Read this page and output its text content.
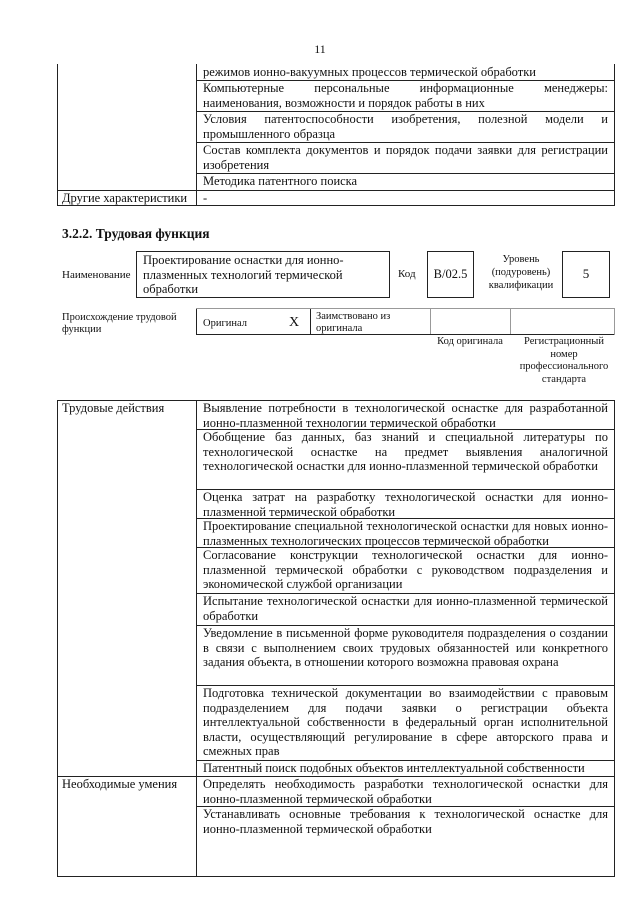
11
режимов ионно-вакуумных процессов термической обработки
Компьютерные персональные информационные менеджеры: наименования, возможности и порядок работы в них
Условия патентоспособности изобретения, полезной модели и промышленного образца
Состав комплекта документов и порядок подачи заявки для регистрации изобретения
Методика патентного поиска
Другие характеристики	-
3.2.2. Трудовая функция
Наименование
Проектирование оснастки для ионно-плазменных технологий термической обработки
Код	В/02.5
Уровень (подуровень) квалификации
5
Происхождение трудовой функции
Оригинал	X Заимствовано из оригинала
Код оригинала	Регистрационный номер профессионального стандарта
Трудовые действия	Выявление потребности в технологической оснастке для разработанной ионно-плазменной технологии термической обработки
Обобщение баз данных, баз знаний и специальной литературы по технологической оснастке на предмет выявления аналогичной технологической оснастки для ионно-плазменной термической обработки
Оценка затрат на разработку технологической оснастки для ионно-плазменной термической обработки
Проектирование специальной технологической оснастки для новых ионно-плазменных технологических процессов термической обработки
Согласование конструкции технологической оснастки для ионно-плазменной термической обработки с руководством подразделения и экономической службой организации
Испытание технологической оснастки для ионно-плазменной термической обработки
Уведомление в письменной форме руководителя подразделения о создании в связи с выполнением своих трудовых обязанностей или конкретного задания объекта, в отношении которого возможна правовая охрана
Подготовка технической документации во взаимодействии с правовым подразделением для подачи заявки о регистрации объекта интеллектуальной собственности в федеральный орган исполнительной власти, осуществляющий регулирование в сфере авторского права и смежных прав
Патентный поиск подобных объектов интеллектуальной собственности
Необходимые умения	Определять необходимость разработки технологической оснастки для ионно-плазменной термической обработки
Устанавливать основные требования к технологической оснастке для ионно-плазменной термической обработки
